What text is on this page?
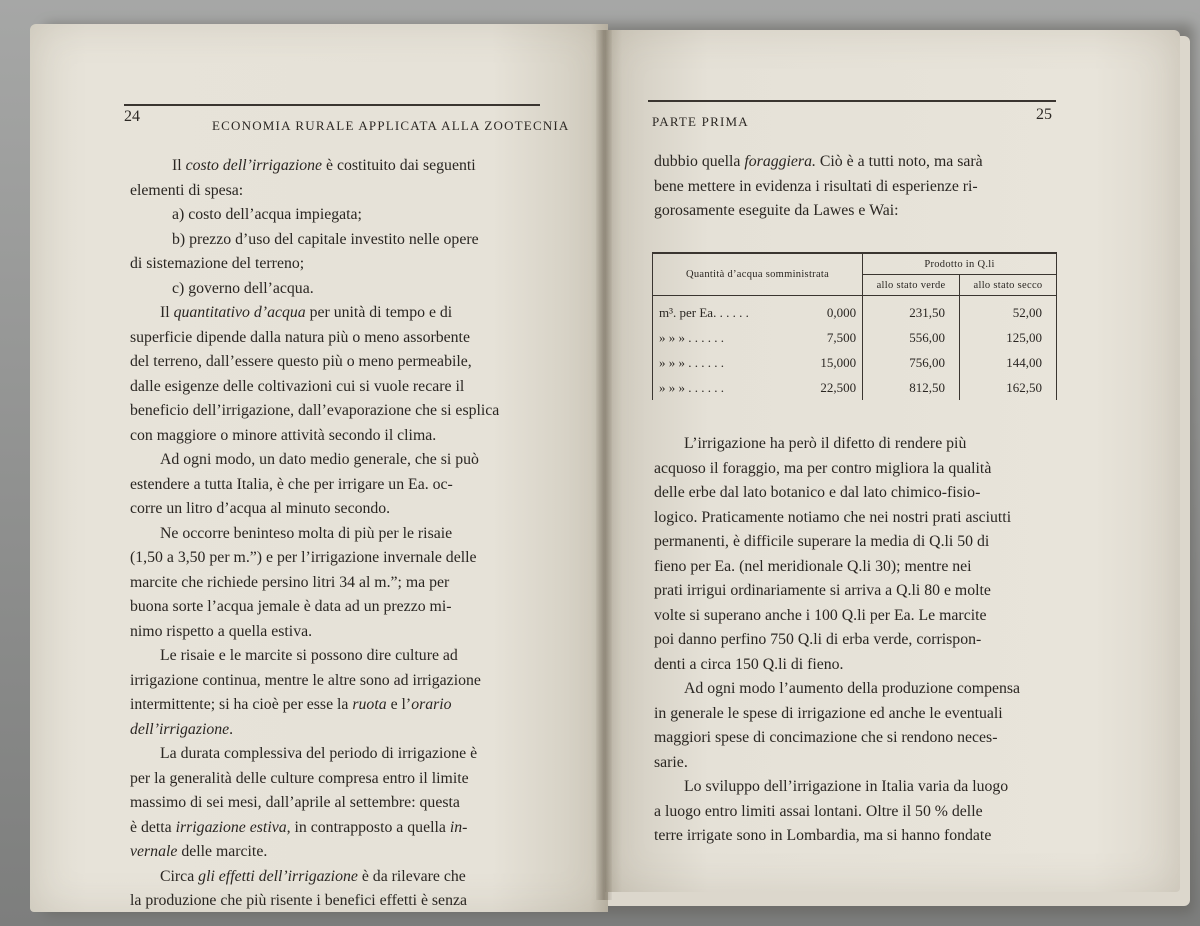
24
ECONOMIA RURALE APPLICATA ALLA ZOOTECNIA
Il costo dell’irrigazione è costituito dai seguenti
elementi di spesa:
a) costo dell’acqua impiegata;
b) prezzo d’uso del capitale investito nelle opere
di sistemazione del terreno;
c) governo dell’acqua.
Il quantitativo d’acqua per unità di tempo e di
superficie dipende dalla natura più o meno assorbente
del terreno, dall’essere questo più o meno permeabile,
dalle esigenze delle coltivazioni cui si vuole recare il
beneficio dell’irrigazione, dall’evaporazione che si esplica
con maggiore o minore attività secondo il clima.
Ad ogni modo, un dato medio generale, che si può
estendere a tutta Italia, è che per irrigare un Ea. oc-
corre un litro d’acqua al minuto secondo.
Ne occorre beninteso molta di più per le risaie
(1,50 a 3,50 per m.”) e per l’irrigazione invernale delle
marcite che richiede persino litri 34 al m.”; ma per
buona sorte l’acqua jemale è data ad un prezzo mi-
nimo rispetto a quella estiva.
Le risaie e le marcite si possono dire culture ad
irrigazione continua, mentre le altre sono ad irrigazione
intermittente; si ha cioè per esse la ruota e l’orario
dell’irrigazione.
La durata complessiva del periodo di irrigazione è
per la generalità delle culture compresa entro il limite
massimo di sei mesi, dall’aprile al settembre: questa
è detta irrigazione estiva, in contrapposto a quella in-
vernale delle marcite.
Circa gli effetti dell’irrigazione è da rilevare che
la produzione che più risente i benefici effetti è senza
PARTE PRIMA	25
dubbio quella foraggiera. Ciò è a tutti noto, ma sarà
bene mettere in evidenza i risultati di esperienze ri-
gorosamente eseguite da Lawes e Wai:
Quantità d’acqua somministrata	Prodotto in Q.li	
	allo stato verde	allo stato secco

m³. per Ea. . . . . . 0,000	231,50	52,00

» » » . . . . . . 7,500	556,00	125,00

» » » . . . . . . 15,000	756,00	144,00

» » » . . . . . . 22,500	812,50	162,50
L’irrigazione ha però il difetto di rendere più
acquoso il foraggio, ma per contro migliora la qualità
delle erbe dal lato botanico e dal lato chimico-fisio-
logico. Praticamente notiamo che nei nostri prati asciutti
permanenti, è difficile superare la media di Q.li 50 di
fieno per Ea. (nel meridionale Q.li 30); mentre nei
prati irrigui ordinariamente si arriva a Q.li 80 e molte
volte si superano anche i 100 Q.li per Ea. Le marcite
poi danno perfino 750 Q.li di erba verde, corrispon-
denti a circa 150 Q.li di fieno.
Ad ogni modo l’aumento della produzione compensa
in generale le spese di irrigazione ed anche le eventuali
maggiori spese di concimazione che si rendono neces-
sarie.
Lo sviluppo dell’irrigazione in Italia varia da luogo
a luogo entro limiti assai lontani. Oltre il 50 % delle
terre irrigate sono in Lombardia, ma si hanno fondate
